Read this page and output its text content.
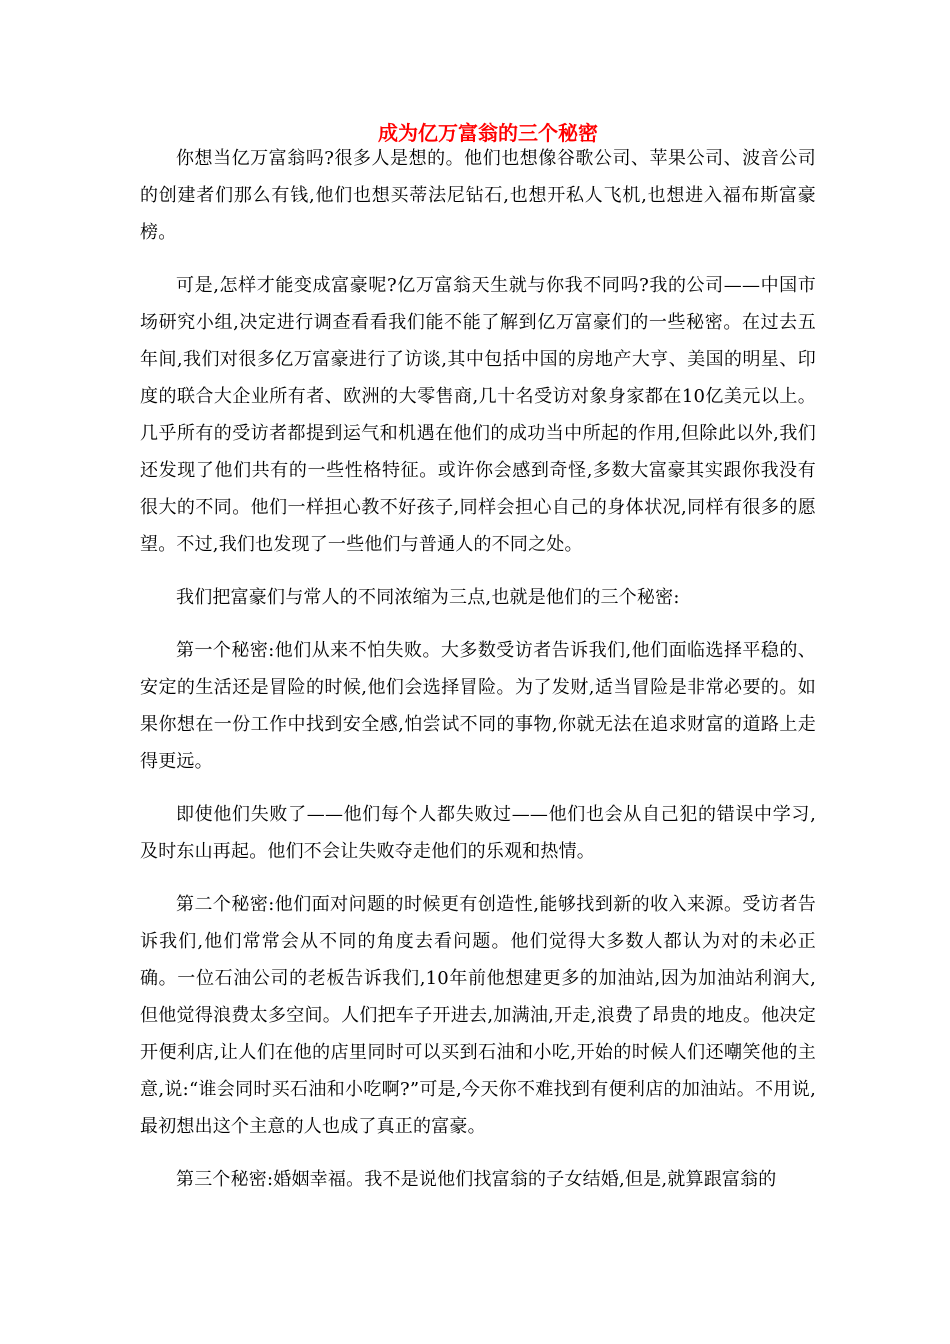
成为亿万富翁的三个秘密

你想当亿万富翁吗?很多人是想的。他们也想像谷歌公司、苹果公司、波音公司的创建者们那么有钱,他们也想买蒂法尼钻石,也想开私人飞机,也想进入福布斯富豪榜。

可是,怎样才能变成富豪呢?亿万富翁天生就与你我不同吗?我的公司——中国市场研究小组,决定进行调查看看我们能不能了解到亿万富豪们的一些秘密。在过去五年间,我们对很多亿万富豪进行了访谈,其中包括中国的房地产大亨、美国的明星、印度的联合大企业所有者、欧洲的大零售商,几十名受访对象身家都在10亿美元以上。几乎所有的受访者都提到运气和机遇在他们的成功当中所起的作用,但除此以外,我们还发现了他们共有的一些性格特征。或许你会感到奇怪,多数大富豪其实跟你我没有很大的不同。他们一样担心教不好孩子,同样会担心自己的身体状况,同样有很多的愿望。不过,我们也发现了一些他们与普通人的不同之处。

我们把富豪们与常人的不同浓缩为三点,也就是他们的三个秘密:

第一个秘密:他们从来不怕失败。大多数受访者告诉我们,他们面临选择平稳的、安定的生活还是冒险的时候,他们会选择冒险。为了发财,适当冒险是非常必要的。如果你想在一份工作中找到安全感,怕尝试不同的事物,你就无法在追求财富的道路上走得更远。

即使他们失败了——他们每个人都失败过——他们也会从自己犯的错误中学习,及时东山再起。他们不会让失败夺走他们的乐观和热情。

第二个秘密:他们面对问题的时候更有创造性,能够找到新的收入来源。受访者告诉我们,他们常常会从不同的角度去看问题。他们觉得大多数人都认为对的未必正确。一位石油公司的老板告诉我们,10年前他想建更多的加油站,因为加油站利润大,但他觉得浪费太多空间。人们把车子开进去,加满油,开走,浪费了昂贵的地皮。他决定开便利店,让人们在他的店里同时可以买到石油和小吃,开始的时候人们还嘲笑他的主意,说:“谁会同时买石油和小吃啊?”可是,今天你不难找到有便利店的加油站。不用说,最初想出这个主意的人也成了真正的富豪。

第三个秘密:婚姻幸福。我不是说他们找富翁的子女结婚,但是,就算跟富翁的
